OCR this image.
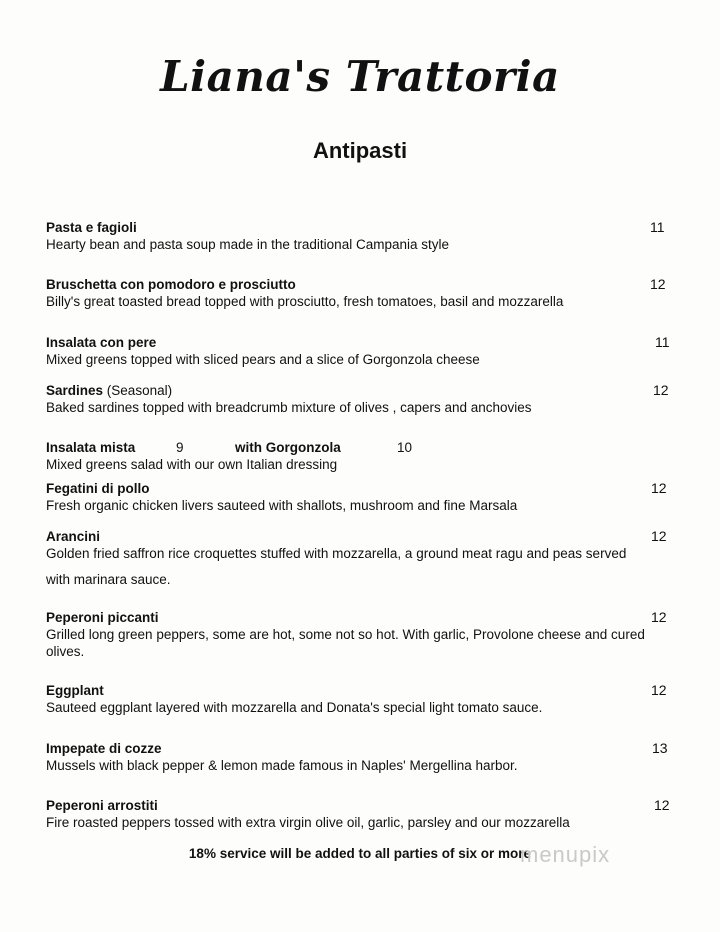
Liana's Trattoria
Antipasti
Pasta e fagioli
Hearty bean and pasta soup made in the traditional Campania style
11
Bruschetta con pomodoro e prosciutto
Billy's great toasted bread topped with prosciutto, fresh tomatoes, basil and mozzarella
12
Insalata con pere
Mixed greens topped with sliced pears and a slice of Gorgonzola cheese
11
Sardines (Seasonal)
Baked sardines topped with breadcrumb mixture of olives , capers and anchovies
12
Insalata mista	9	with Gorgonzola	10
Mixed greens salad with our own Italian dressing
Fegatini di pollo
Fresh organic chicken livers sauteed with shallots, mushroom and fine Marsala
12
Arancini
Golden fried saffron rice croquettes stuffed with mozzarella, a ground meat ragu and peas served
with marinara sauce.
12
Peperoni piccanti
Grilled long green peppers, some are hot, some not so hot. With garlic, Provolone cheese and cured
olives.
12
Eggplant
Sauteed eggplant layered with mozzarella and Donata's special light tomato sauce.
12
Impepate di cozze
Mussels with black pepper & lemon made famous in Naples' Mergellina harbor.
13
Peperoni arrostiti
Fire roasted peppers tossed with extra virgin olive oil, garlic, parsley and our mozzarella
12
18% service will be added to all parties of six or more
menupix
